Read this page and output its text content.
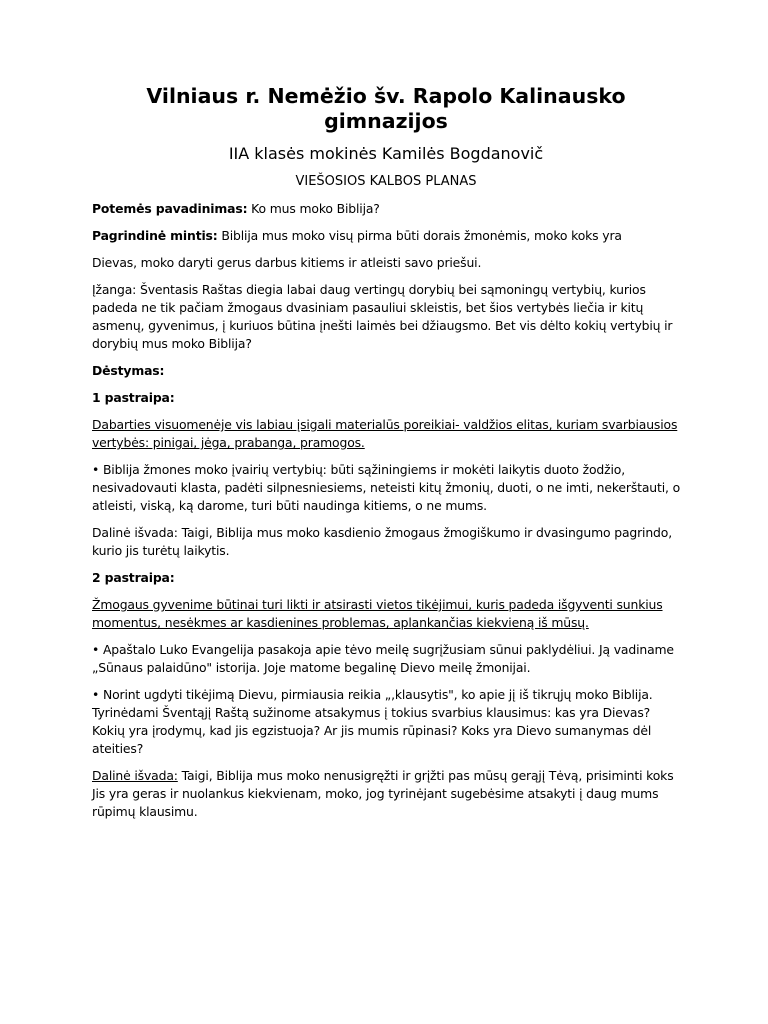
Vilniaus r. Nemėžio šv. Rapolo Kalinausko gimnazijos
IIA klasės mokinės Kamilės Bogdanovič
VIEŠOSIOS KALBOS PLANAS

Potemės pavadinimas: Ko mus moko Biblija?

Pagrindinė mintis: Biblija mus moko visų pirma būti dorais žmonėmis, moko koks yra

Dievas, moko daryti gerus darbus kitiems ir atleisti savo priešui.

Įžanga: Šventasis Raštas diegia labai daug vertingų dorybių bei sąmoningų vertybių, kurios padeda ne tik pačiam žmogaus dvasiniam pasauliui skleistis, bet šios vertybės liečia ir kitų asmenų, gyvenimus, į kuriuos būtina įnešti laimės bei džiaugsmo. Bet vis dėlto kokių vertybių ir dorybių mus moko Biblija?

Dėstymas:

1 pastraipa:

Dabarties visuomenėje vis labiau įsigali materialūs poreikiai- valdžios elitas, kuriam svarbiausios vertybės: pinigai, jėga, prabanga, pramogos.

• Biblija žmones moko įvairių vertybių: būti sąžiningiems ir mokėti laikytis duoto žodžio, nesivadovauti klasta, padėti silpnesniesiems, neteisti kitų žmonių, duoti, o ne imti, nekerštauti, o atleisti, viską, ką darome, turi būti naudinga kitiems, o ne mums.

Dalinė išvada: Taigi, Biblija mus moko kasdienio žmogaus žmogiškumo ir dvasingumo pagrindo, kurio jis turėtų laikytis.

2 pastraipa:

Žmogaus gyvenime būtinai turi likti ir atsirasti vietos tikėjimui, kuris padeda išgyventi sunkius momentus, nesėkmes ar kasdienines problemas, aplankančias kiekvieną iš mūsų.

• Apaštalo Luko Evangelija pasakoja apie tėvo meilę sugrįžusiam sūnui paklydėliui. Ją vadiname „Sūnaus palaidūno" istorija. Joje matome begalinę Dievo meilę žmonijai.

• Norint ugdyti tikėjimą Dievu, pirmiausia reikia „,klausytis", ko apie jį iš tikrųjų moko Biblija. Tyrinėdami Šventąjį Raštą sužinome atsakymus į tokius svarbius klausimus: kas yra Dievas? Kokių yra įrodymų, kad jis egzistuoja? Ar jis mumis rūpinasi? Koks yra Dievo sumanymas dėl ateities?

Dalinė išvada: Taigi, Biblija mus moko nenusigręžti ir grįžti pas mūsų gerąjį Tėvą, prisiminti koks Jis yra geras ir nuolankus kiekvienam, moko, jog tyrinėjant sugebėsime atsakyti į daug mums rūpimų klausimu.
